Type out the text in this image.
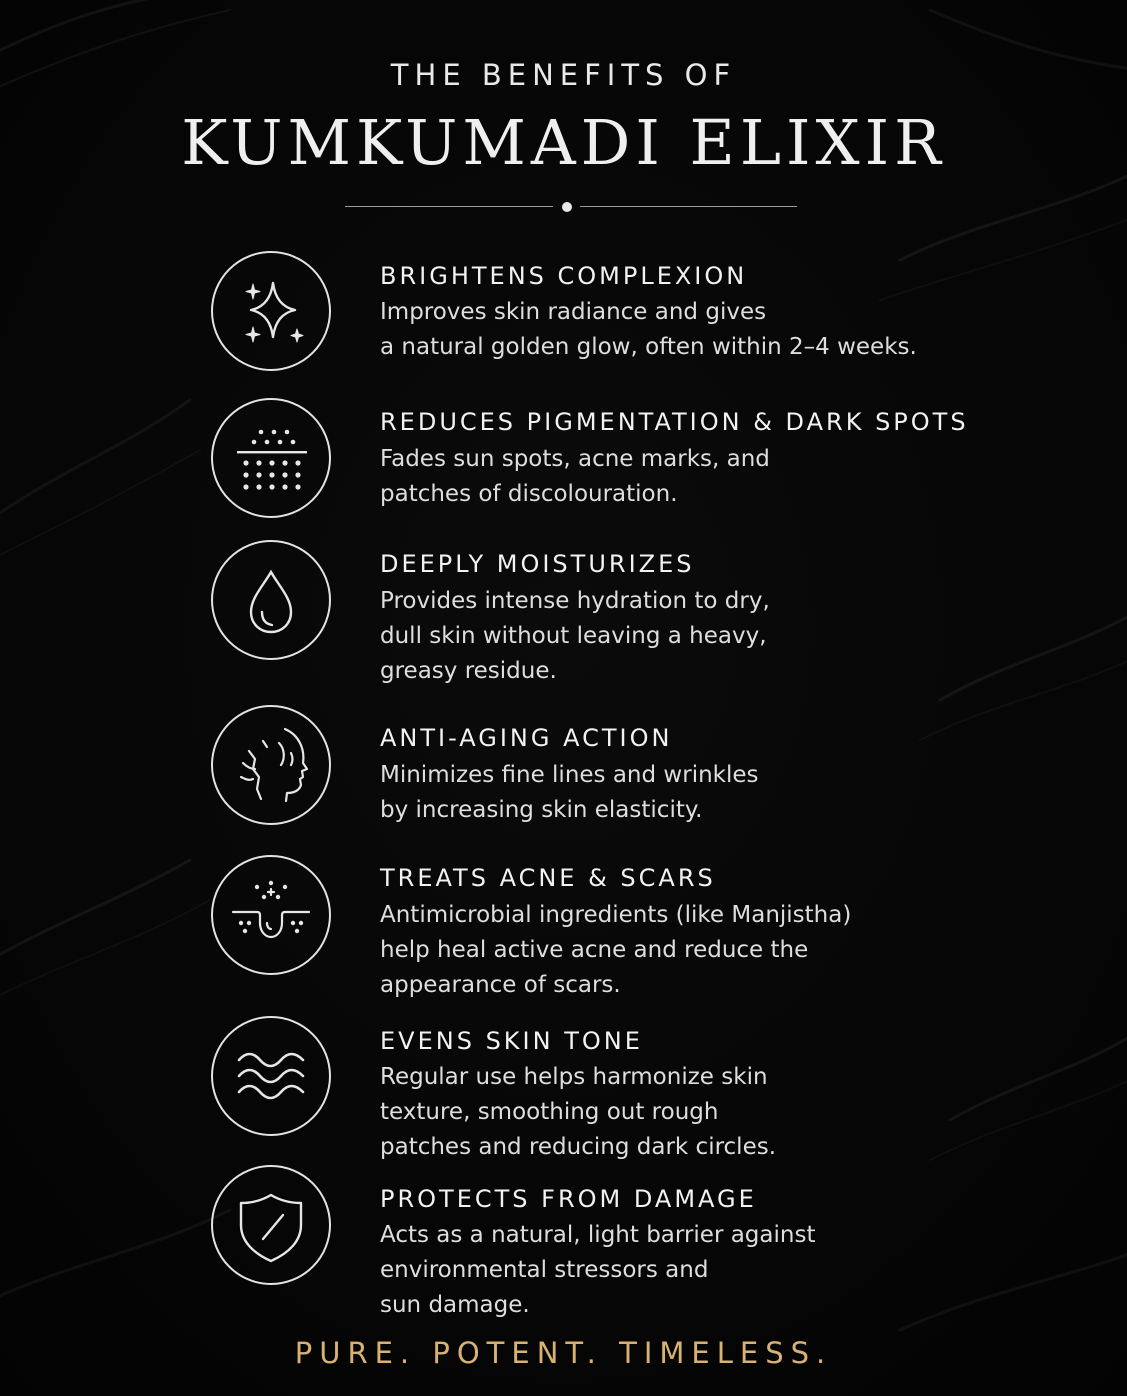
THE BENEFITS OF
KUMKUMADI ELIXIR
BRIGHTENS COMPLEXION
Improves skin radiance and gives
a natural golden glow, often within 2–4 weeks.
REDUCES PIGMENTATION & DARK SPOTS
Fades sun spots, acne marks, and
patches of discolouration.
DEEPLY MOISTURIZES
Provides intense hydration to dry,
dull skin without leaving a heavy,
greasy residue.
ANTI-AGING ACTION
Minimizes fine lines and wrinkles
by increasing skin elasticity.
TREATS ACNE & SCARS
Antimicrobial ingredients (like Manjistha)
help heal active acne and reduce the
appearance of scars.
EVENS SKIN TONE
Regular use helps harmonize skin
texture, smoothing out rough
patches and reducing dark circles.
PROTECTS FROM DAMAGE
Acts as a natural, light barrier against
environmental stressors and
sun damage.
PURE. POTENT. TIMELESS.
